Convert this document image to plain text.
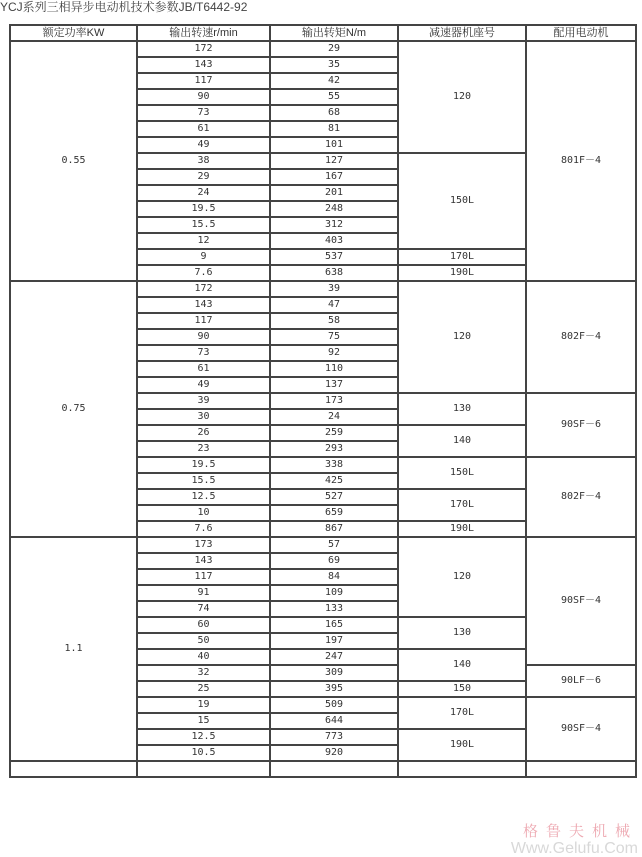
YCJ系列三相异步电动机技术参数JB/T6442-92
额定功率KW	输出转速r/min	输出转矩N/m	减速器机座号	配用电动机
0.55	172	29	120	801F－4
	143	35		
	117	42		
	90	55		
	73	68		
	61	81		
	49	101		
	38	127	150L	
	29	167		
	24	201		
	19.5	248		
	15.5	312		
	12	403		
	9	537	170L	
	7.6	638	190L	
0.75	172	39	120	802F－4
	143	47		
	117	58		
	90	75		
	73	92		
	61	110		
	49	137		
	39	173	130	90SF－6
	30	24		
	26	259	140	
	23	293		
	19.5	338	150L	802F－4
	15.5	425		
	12.5	527	170L	
	10	659		
	7.6	867	190L	
1.1	173	57	120	90SF－4
	143	69		
	117	84		
	91	109		
	74	133		
	60	165	130	
	50	197		
	40	247	140	
	32	309		90LF－6
	25	395	150	
	19	509	170L	90SF－4
	15	644		
	12.5	773	190L	
	10.5	920		

格鲁夫机械
Www.Gelufu.Com
